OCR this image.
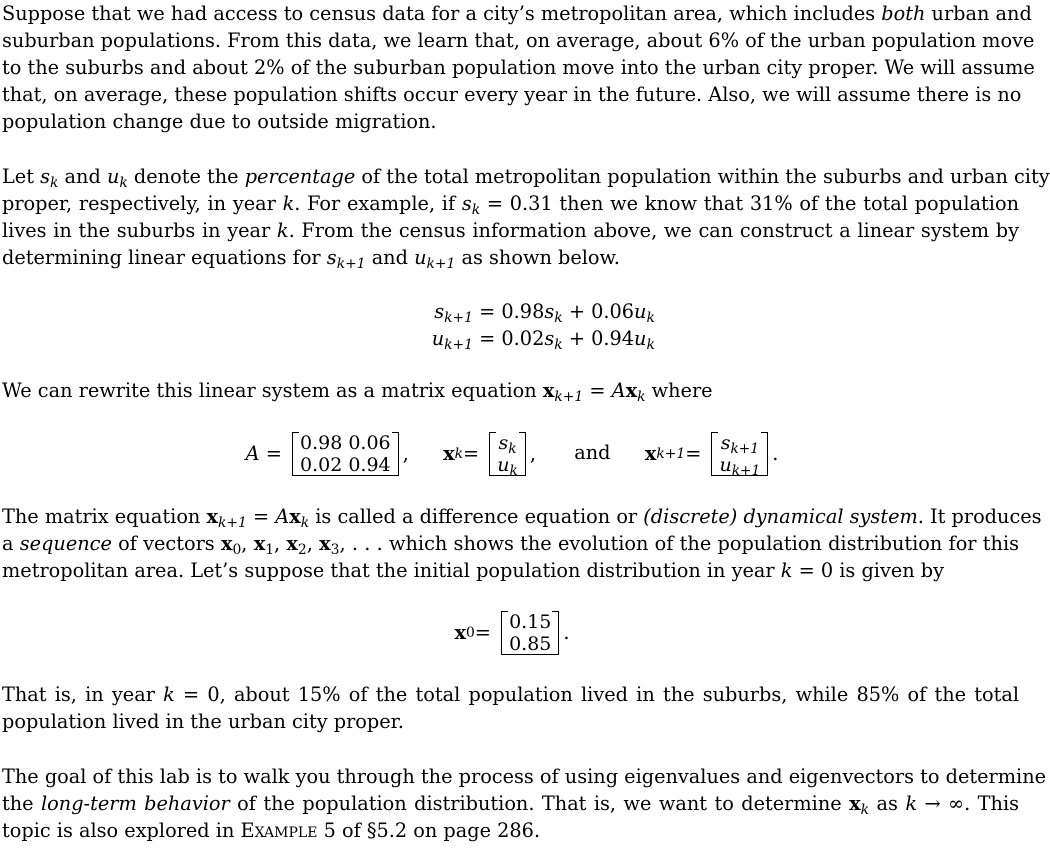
Suppose that we had access to census data for a city’s metropolitan area, which includes both urban and
suburban populations. From this data, we learn that, on average, about 6% of the urban population move
to the suburbs and about 2% of the suburban population move into the urban city proper. We will assume
that, on average, these population shifts occur every year in the future. Also, we will assume there is no
population change due to outside migration.
Let $s_k$ and $u_k$ denote the percentage of the total metropolitan population within the suburbs and urban city
proper, respectively, in year k. For example, if $s_k = 0.31$ then we know that 31% of the total population
lives in the suburbs in year k. From the census information above, we can construct a linear system by
determining linear equations for $s_{k+1}$ and $u_{k+1}$ as shown below.
$s_{k+1} = 0.98s_k + 0.06u_k$
$u_{k+1} = 0.02s_k + 0.94u_k$
We can rewrite this linear system as a matrix equation $x_{k+1} = Ax_k$ where
A = 0.98	0.06
0.02	0.94 ,
x k =
$s_k$
$u_k$
, and x k+1 =
$s_{k+1}$
$u_{k+1}$
.
The matrix equation $x_{k+1} = Ax_k$ is called a difference equation or (discrete) dynamical system. It produces
a sequence of vectors $x_0$, $x_1$, $x_2$, $x_3$, . . . which shows the evolution of the population distribution for this
metropolitan area. Let’s suppose that the initial population distribution in year k = 0 is given by
x 0 =
0.15
0.85 .
That is, in year k = 0, about 15% of the total population lived in the suburbs, while 85% of the total
population lived in the urban city proper.
The goal of this lab is to walk you through the process of using eigenvalues and eigenvectors to determine
the long-term behavior of the population distribution. That is, we want to determine $x_k$ as k → ∞. This
topic is also explored in Example 5 of §5.2 on page 286.
